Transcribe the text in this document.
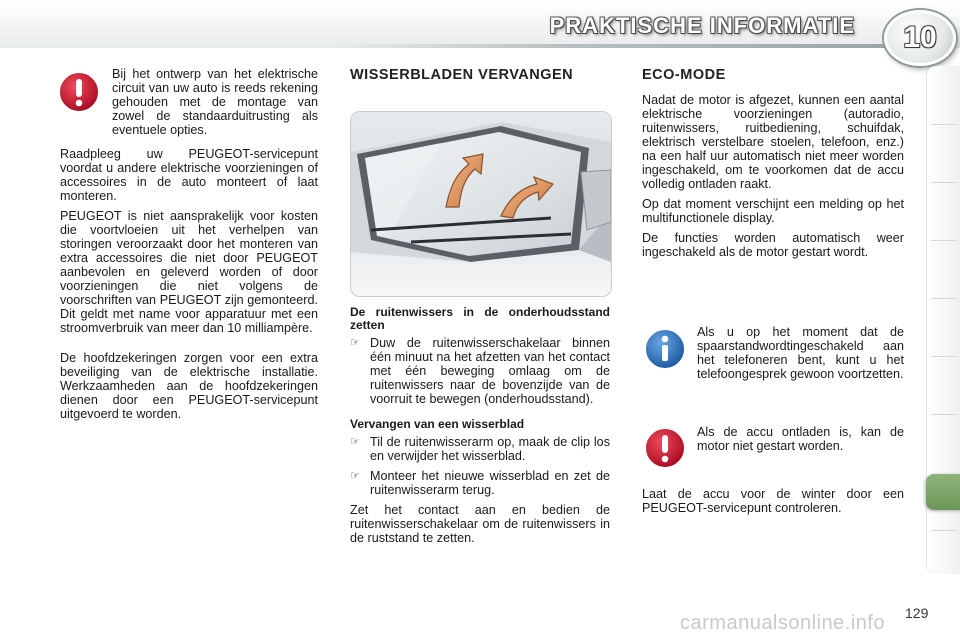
PRAKTISCHE INFORMATIE 10

Bij het ontwerp van het elektrische circuit van uw auto is reeds rekening gehouden met de montage van zowel de standaarduitrusting als eventuele opties.

Raadpleeg uw PEUGEOT-servicepunt voordat u andere elektrische voorzieningen of accessoires in de auto monteert of laat monteren.

PEUGEOT is niet aansprakelijk voor kosten die voortvloeien uit het verhelpen van storingen veroorzaakt door het monteren van extra accessoires die niet door PEUGEOT aanbevolen en geleverd worden of door voorzieningen die niet volgens de voorschriften van PEUGEOT zijn gemonteerd. Dit geldt met name voor apparatuur met een stroomverbruik van meer dan 10 milliampère.

De hoofdzekeringen zorgen voor een extra beveiliging van de elektrische installatie. Werkzaamheden aan de hoofdzekeringen dienen door een PEUGEOT-servicepunt uitgevoerd te worden.

WISSERBLADEN VERVANGEN
De ruitenwissers in de onderhoudsstand zetten
☞ Duw de ruitenwisserschakelaar binnen één minuut na het afzetten van het contact met één beweging omlaag om de ruitenwissers naar de bovenzijde van de voorruit te bewegen (onderhoudsstand).
Vervangen van een wisserblad
☞ Til de ruitenwisserarm op, maak de clip los en verwijder het wisserblad.
☞ Monteer het nieuwe wisserblad en zet de ruitenwisserarm terug.

Zet het contact aan en bedien de ruitenwisserschakelaar om de ruitenwissers in de ruststand te zetten.

ECO-MODE

Nadat de motor is afgezet, kunnen een aantal elektrische voorzieningen (autoradio, ruitenwissers, ruitbediening, schuifdak, elektrisch verstelbare stoelen, telefoon, enz.) na een half uur automatisch niet meer worden ingeschakeld, om te voorkomen dat de accu volledig ontladen raakt.

Op dat moment verschijnt een melding op het multifunctionele display.

De functies worden automatisch weer ingeschakeld als de motor gestart wordt.

Als u op het moment dat de spaarstandwordtingeschakeld aan het telefoneren bent, kunt u het telefoongesprek gewoon voortzetten.

Als de accu ontladen is, kan de motor niet gestart worden.

Laat de accu voor de winter door een PEUGEOT-servicepunt controleren.

129
carmanualsonline.info
